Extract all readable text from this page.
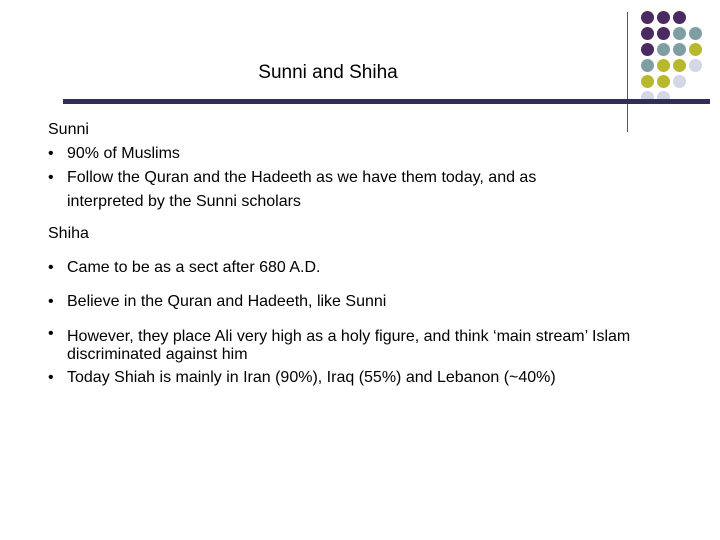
Sunni and Shiha
Sunni
• 90% of Muslims
• Follow the Quran and the Hadeeth as we have them today, and as interpreted by the Sunni scholars
Shiha
• Came to be as a sect after 680 A.D.
• Believe in the Quran and Hadeeth, like Sunni
• However, they place Ali very high as a holy figure, and think ‘main stream’ Islam discriminated against him
• Today Shiah is mainly in Iran (90%), Iraq (55%) and Lebanon (~40%)
